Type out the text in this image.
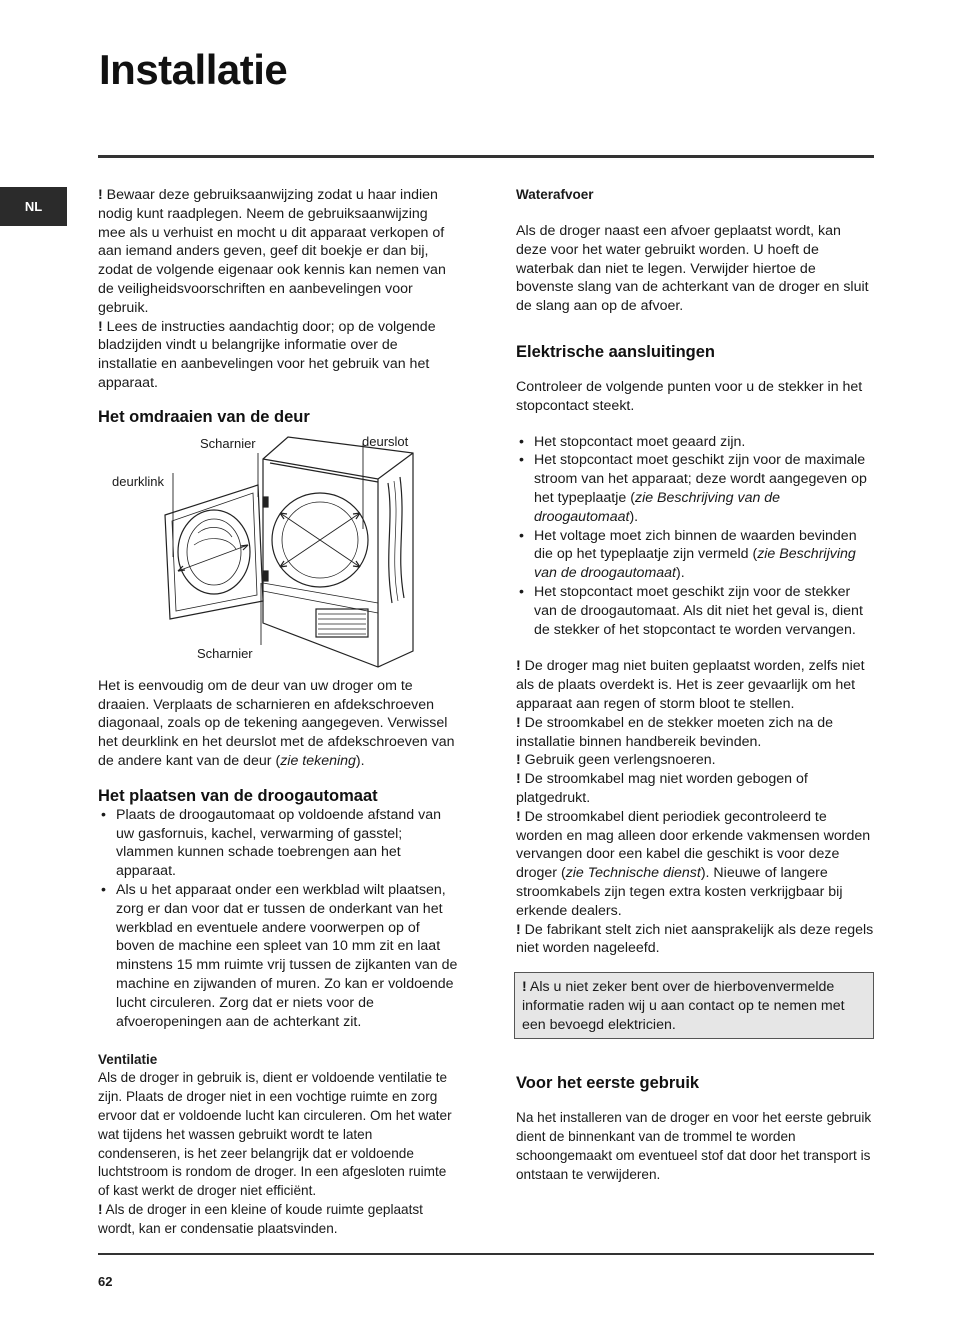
Installatie
NL

! Bewaar deze gebruiksaanwijzing zodat u haar indien nodig kunt raadplegen. Neem de gebruiksaanwijzing mee als u verhuist en mocht u dit apparaat verkopen of aan iemand anders geven, geef dit boekje er dan bij, zodat de volgende eigenaar ook kennis kan nemen van de veiligheidsvoorschriften en aanbevelingen voor gebruik.

! Lees de instructies aandachtig door; op de volgende bladzijden vindt u belangrijke informatie over de installatie en aanbevelingen voor het gebruik van het apparaat.

Het omdraaien van de deur
Scharnier	deurslot
deurklink
Scharnier

Het is eenvoudig om de deur van uw droger om te draaien. Verplaats de scharnieren en afdekschroeven diagonaal, zoals op de tekening aangegeven. Verwissel het deurklink en het deurslot met de afdekschroeven van de andere kant van de deur (zie tekening).

Het plaatsen van de droogautomaat
• Plaats de droogautomaat op voldoende afstand van uw gasfornuis, kachel, verwarming of gasstel; vlammen kunnen schade toebrengen aan het apparaat.
• Als u het apparaat onder een werkblad wilt plaatsen, zorg er dan voor dat er tussen de onderkant van het werkblad en eventuele andere voorwerpen op of boven de machine een spleet van 10 mm zit en laat minstens 15 mm ruimte vrij tussen de zijkanten van de machine en zijwanden of muren. Zo kan er voldoende lucht circuleren. Zorg dat er niets voor de afvoeropeningen aan de achterkant zit.
Ventilatie

Als de droger in gebruik is, dient er voldoende ventilatie te zijn. Plaats de droger niet in een vochtige ruimte en zorg ervoor dat er voldoende lucht kan circuleren. Om het water wat tijdens het wassen gebruikt wordt te laten condenseren, is het zeer belangrijk dat er voldoende luchtstroom is rondom de droger. In een afgesloten ruimte of kast werkt de droger niet efficiënt.

! Als de droger in een kleine of koude ruimte geplaatst wordt, kan er condensatie plaatsvinden.

Waterafvoer

Als de droger naast een afvoer geplaatst wordt, kan deze voor het water gebruikt worden. U hoeft de waterbak dan niet te legen. Verwijder hiertoe de bovenste slang van de achterkant van de droger en sluit de slang aan op de afvoer.

Elektrische aansluitingen

Controleer de volgende punten voor u de stekker in het stopcontact steekt.

• Het stopcontact moet geaard zijn.
• Het stopcontact moet geschikt zijn voor de maximale stroom van het apparaat; deze wordt aangegeven op het typeplaatje (zie Beschrijving van de droogautomaat).
• Het voltage moet zich binnen de waarden bevinden die op het typeplaatje zijn vermeld (zie Beschrijving van de droogautomaat).
• Het stopcontact moet geschikt zijn voor de stekker van de droogautomaat. Als dit niet het geval is, dient de stekker of het stopcontact te worden vervangen.

! De droger mag niet buiten geplaatst worden, zelfs niet als de plaats overdekt is. Het is zeer gevaarlijk om het apparaat aan regen of storm bloot te stellen.

! De stroomkabel en de stekker moeten zich na de installatie binnen handbereik bevinden.

! Gebruik geen verlengsnoeren.

! De stroomkabel mag niet worden gebogen of platgedrukt.

! De stroomkabel dient periodiek gecontroleerd te worden en mag alleen door erkende vakmensen worden vervangen door een kabel die geschikt is voor deze droger (zie Technische dienst). Nieuwe of langere stroomkabels zijn tegen extra kosten verkrijgbaar bij erkende dealers.

! De fabrikant stelt zich niet aansprakelijk als deze regels niet worden nageleefd.

! Als u niet zeker bent over de hierbovenvermelde informatie raden wij u aan contact op te nemen met een bevoegd elektricien.
Voor het eerste gebruik

Na het installeren van de droger en voor het eerste gebruik dient de binnenkant van de trommel te worden schoongemaakt om eventueel stof dat door het transport is ontstaan te verwijderen.

62
